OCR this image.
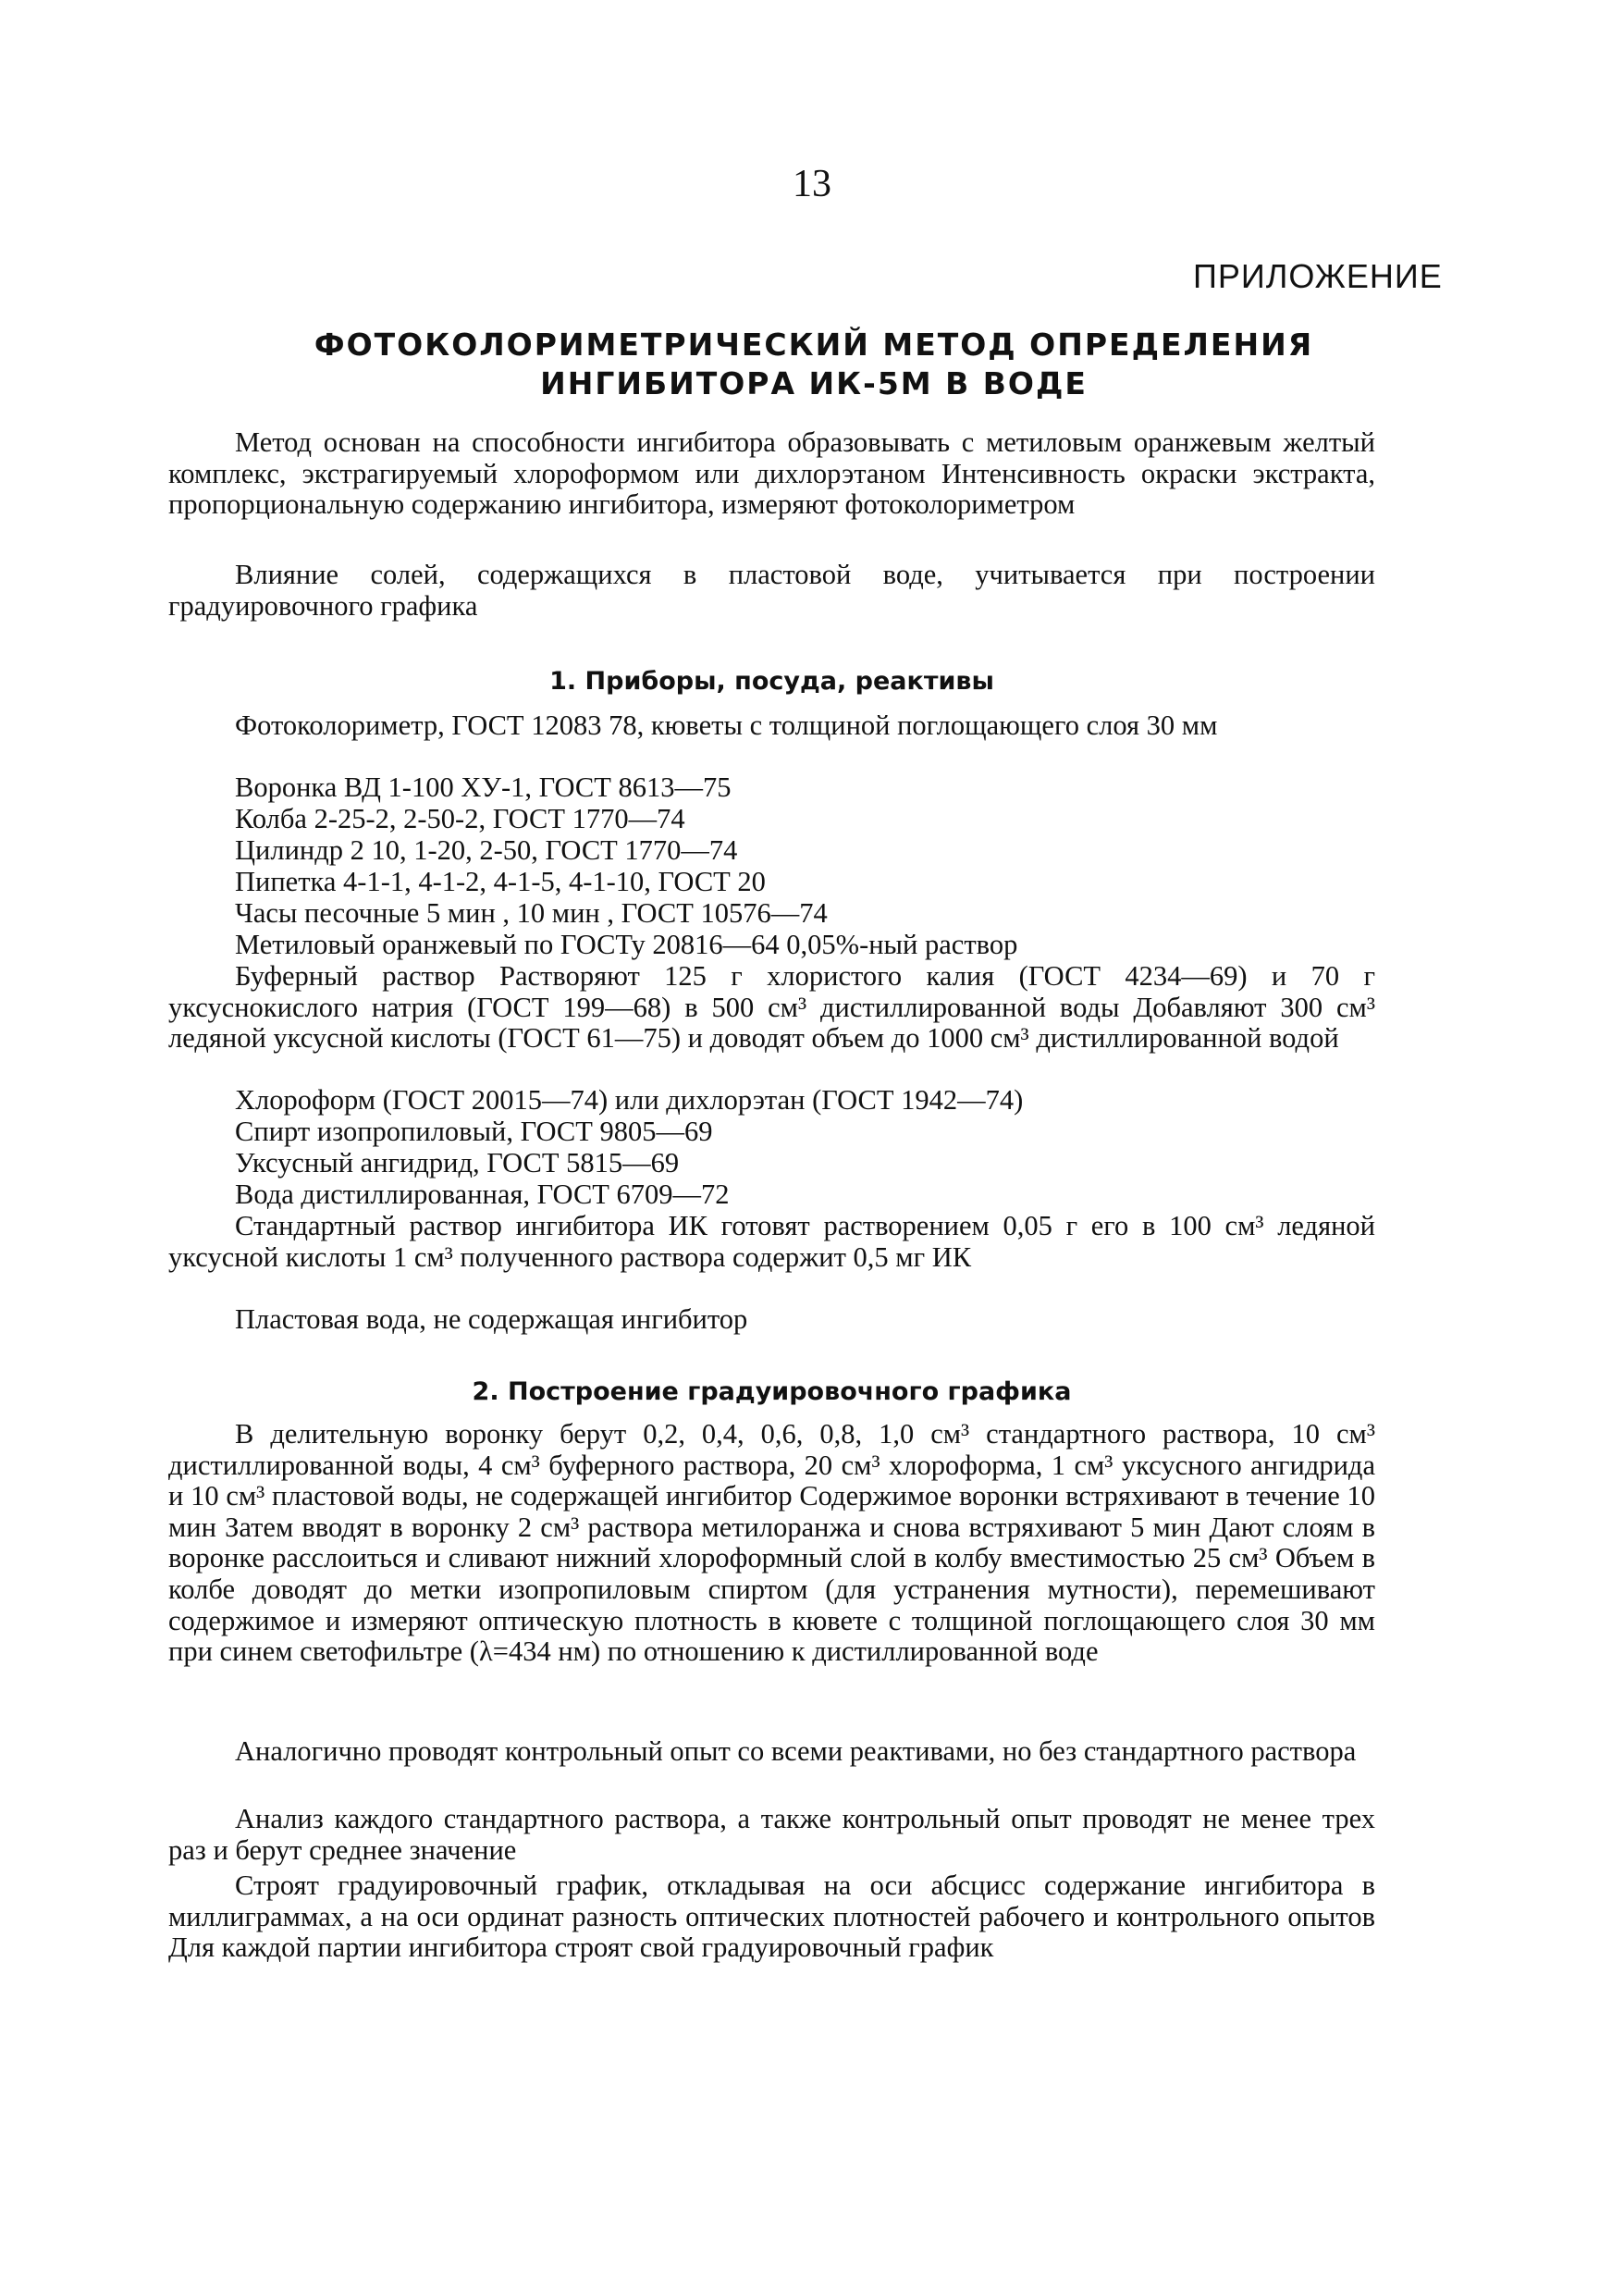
13
ПРИЛОЖЕНИЕ
ФОТОКОЛОРИМЕТРИЧЕСКИЙ МЕТОД ОПРЕДЕЛЕНИЯ ИНГИБИТОРА ИК-5М В ВОДЕ

Метод основан на способности ингибитора образовывать с метиловым оранжевым желтый комплекс, экстрагируемый хлороформом или дихлорэтаном Интенсивность окраски экстракта, пропорциональную содержанию ингибитора, измеряют фотоколориметром

Влияние солей, содержащихся в пластовой воде, учитывается при построении градуировочного графика

1. Приборы, посуда, реактивы

Фотоколориметр, ГОСТ 12083 78, кюветы с толщиной поглощающего слоя 30 мм

Воронка ВД 1-100 ХУ-1, ГОСТ 8613—75

Колба 2-25-2, 2-50-2, ГОСТ 1770—74

Цилиндр 2 10, 1-20, 2-50, ГОСТ 1770—74

Пипетка 4-1-1, 4-1-2, 4-1-5, 4-1-10, ГОСТ 20

Часы песочные 5 мин , 10 мин , ГОСТ 10576—74

Метиловый оранжевый по ГОСТу 20816—64 0,05%-ный раствор

Буферный раствор Растворяют 125 г хлористого калия (ГОСТ 4234—69) и 70 г уксуснокислого натрия (ГОСТ 199—68) в 500 см³ дистиллированной воды Добавляют 300 см³ ледяной уксусной кислоты (ГОСТ 61—75) и доводят объем до 1000 см³ дистиллированной водой

Хлороформ (ГОСТ 20015—74) или дихлорэтан (ГОСТ 1942—74)

Спирт изопропиловый, ГОСТ 9805—69

Уксусный ангидрид, ГОСТ 5815—69

Вода дистиллированная, ГОСТ 6709—72

Стандартный раствор ингибитора ИК готовят растворением 0,05 г его в 100 см³ ледяной уксусной кислоты 1 см³ полученного раствора содержит 0,5 мг ИК

Пластовая вода, не содержащая ингибитор

2. Построение градуировочного графика

В делительную воронку берут 0,2, 0,4, 0,6, 0,8, 1,0 см³ стандартного раствора, 10 см³ дистиллированной воды, 4 см³ буферного раствора, 20 см³ хлороформа, 1 см³ уксусного ангидрида и 10 см³ пластовой воды, не содержащей ингибитор Содержимое воронки встряхивают в течение 10 мин Затем вводят в воронку 2 см³ раствора метилоранжа и снова встряхивают 5 мин Дают слоям в воронке расслоиться и сливают нижний хлороформный слой в колбу вместимостью 25 см³ Объем в колбе доводят до метки изопропиловым спиртом (для устранения мутности), перемешивают содержимое и измеряют оптическую плотность в кювете с толщиной поглощающего слоя 30 мм при синем светофильтре (λ=434 нм) по отношению к дистиллированной воде

Аналогично проводят контрольный опыт со всеми реактивами, но без стандартного раствора

Анализ каждого стандартного раствора, а также контрольный опыт проводят не менее трех раз и берут среднее значение

Строят градуировочный график, откладывая на оси абсцисс содержание ингибитора в миллиграммах, а на оси ординат разность оптических плотностей рабочего и контрольного опытов Для каждой партии ингибитора строят свой градуировочный график
